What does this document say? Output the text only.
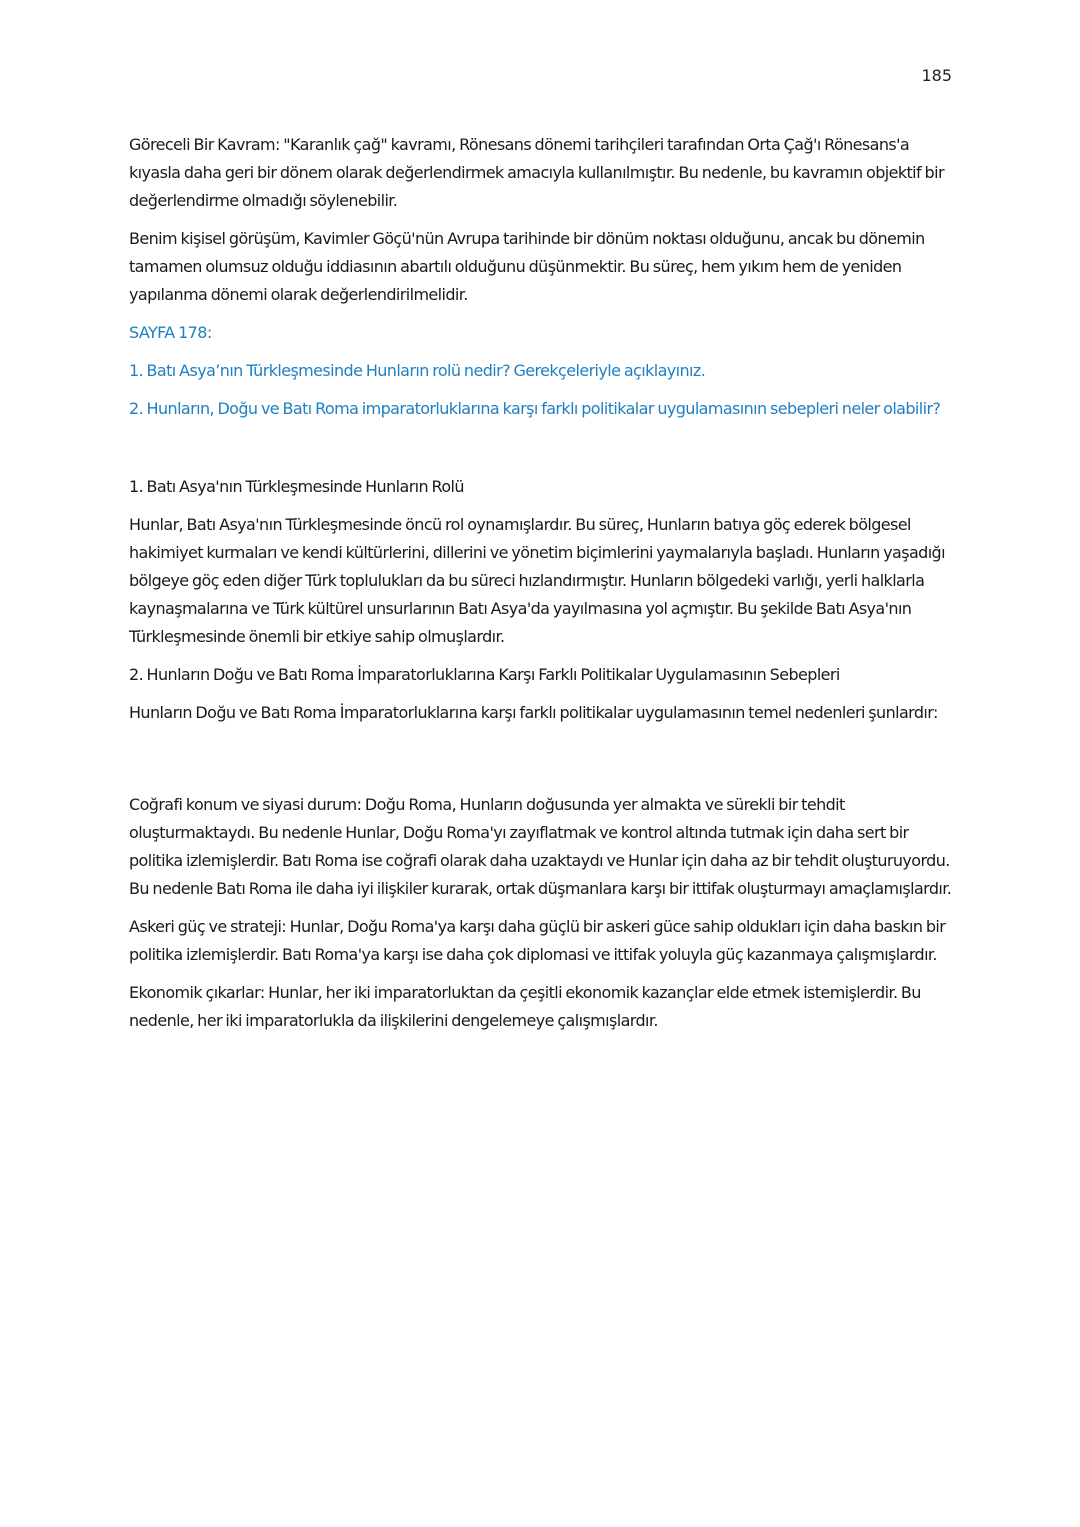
185

Göreceli Bir Kavram: "Karanlık çağ" kavramı, Rönesans dönemi tarihçileri tarafından Orta Çağ'ı Rönesans'a kıyasla daha geri bir dönem olarak değerlendirmek amacıyla kullanılmıştır. Bu nedenle, bu kavramın objektif bir değerlendirme olmadığı söylenebilir.

Benim kişisel görüşüm, Kavimler Göçü'nün Avrupa tarihinde bir dönüm noktası olduğunu, ancak bu dönemin tamamen olumsuz olduğu iddiasının abartılı olduğunu düşünmektir. Bu süreç, hem yıkım hem de yeniden yapılanma dönemi olarak değerlendirilmelidir.

SAYFA 178:

1. Batı Asya’nın Türkleşmesinde Hunların rolü nedir? Gerekçeleriyle açıklayınız.

2. Hunların, Doğu ve Batı Roma imparatorluklarına karşı farklı politikalar uygulamasının sebepleri neler olabilir?

1. Batı Asya'nın Türkleşmesinde Hunların Rolü

Hunlar, Batı Asya'nın Türkleşmesinde öncü rol oynamışlardır. Bu süreç, Hunların batıya göç ederek bölgesel hakimiyet kurmaları ve kendi kültürlerini, dillerini ve yönetim biçimlerini yaymalarıyla başladı. Hunların yaşadığı bölgeye göç eden diğer Türk toplulukları da bu süreci hızlandırmıştır. Hunların bölgedeki varlığı, yerli halklarla kaynaşmalarına ve Türk kültürel unsurlarının Batı Asya'da yayılmasına yol açmıştır. Bu şekilde Batı Asya'nın Türkleşmesinde önemli bir etkiye sahip olmuşlardır.

2. Hunların Doğu ve Batı Roma İmparatorluklarına Karşı Farklı Politikalar Uygulamasının Sebepleri

Hunların Doğu ve Batı Roma İmparatorluklarına karşı farklı politikalar uygulamasının temel nedenleri şunlardır:

Coğrafi konum ve siyasi durum: Doğu Roma, Hunların doğusunda yer almakta ve sürekli bir tehdit oluşturmaktaydı. Bu nedenle Hunlar, Doğu Roma'yı zayıflatmak ve kontrol altında tutmak için daha sert bir politika izlemişlerdir. Batı Roma ise coğrafi olarak daha uzaktaydı ve Hunlar için daha az bir tehdit oluşturuyordu. Bu nedenle Batı Roma ile daha iyi ilişkiler kurarak, ortak düşmanlara karşı bir ittifak oluşturmayı amaçlamışlardır.

Askeri güç ve strateji: Hunlar, Doğu Roma'ya karşı daha güçlü bir askeri güce sahip oldukları için daha baskın bir politika izlemişlerdir. Batı Roma'ya karşı ise daha çok diplomasi ve ittifak yoluyla güç kazanmaya çalışmışlardır.

Ekonomik çıkarlar: Hunlar, her iki imparatorluktan da çeşitli ekonomik kazançlar elde etmek istemişlerdir. Bu nedenle, her iki imparatorlukla da ilişkilerini dengelemeye çalışmışlardır.
